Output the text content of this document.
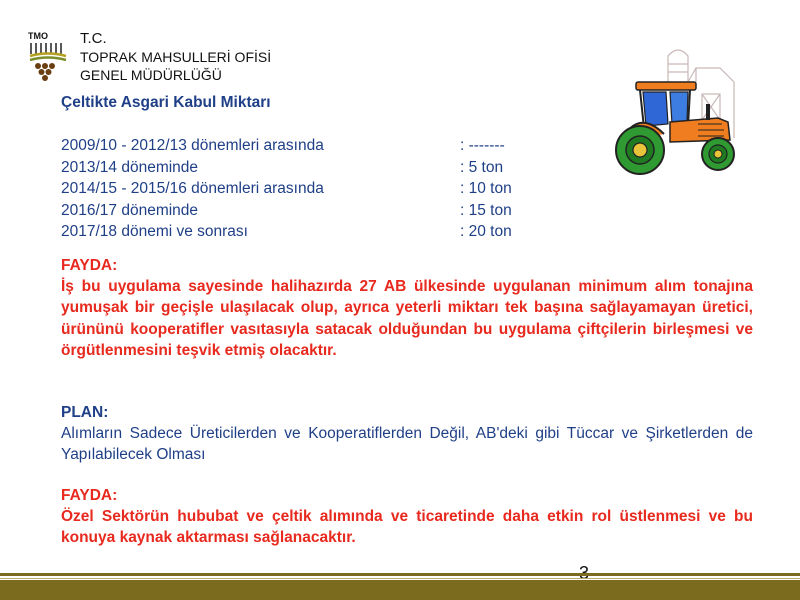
TMO T.C.
TOPRAK MAHSULLERİ OFİSİ
GENEL MÜDÜRLÜĞÜ
Çeltikte Asgari Kabul Miktarı
2009/10 - 2012/13 dönemleri arasında	: -------
2013/14 döneminde	: 5 ton
2014/15 - 2015/16 dönemleri arasında	: 10 ton
2016/17 döneminde	: 15 ton
2017/18 dönemi ve sonrası	: 20 ton
FAYDA:
İş bu uygulama sayesinde halihazırda 27 AB ülkesinde uygulanan minimum alım tonajına yumuşak bir geçişle ulaşılacak olup, ayrıca yeterli miktarı tek başına sağlayamayan üretici, ürününü kooperatifler vasıtasıyla satacak olduğundan bu uygulama çiftçilerin birleşmesi ve örgütlenmesini teşvik etmiş olacaktır.
PLAN:
Alımların Sadece Üreticilerden ve Kooperatiflerden Değil, AB'deki gibi Tüccar ve Şirketlerden de Yapılabilecek Olması
FAYDA:
Özel Sektörün hububat ve çeltik alımında ve ticaretinde daha etkin rol üstlenmesi ve bu konuya kaynak aktarması sağlanacaktır.
